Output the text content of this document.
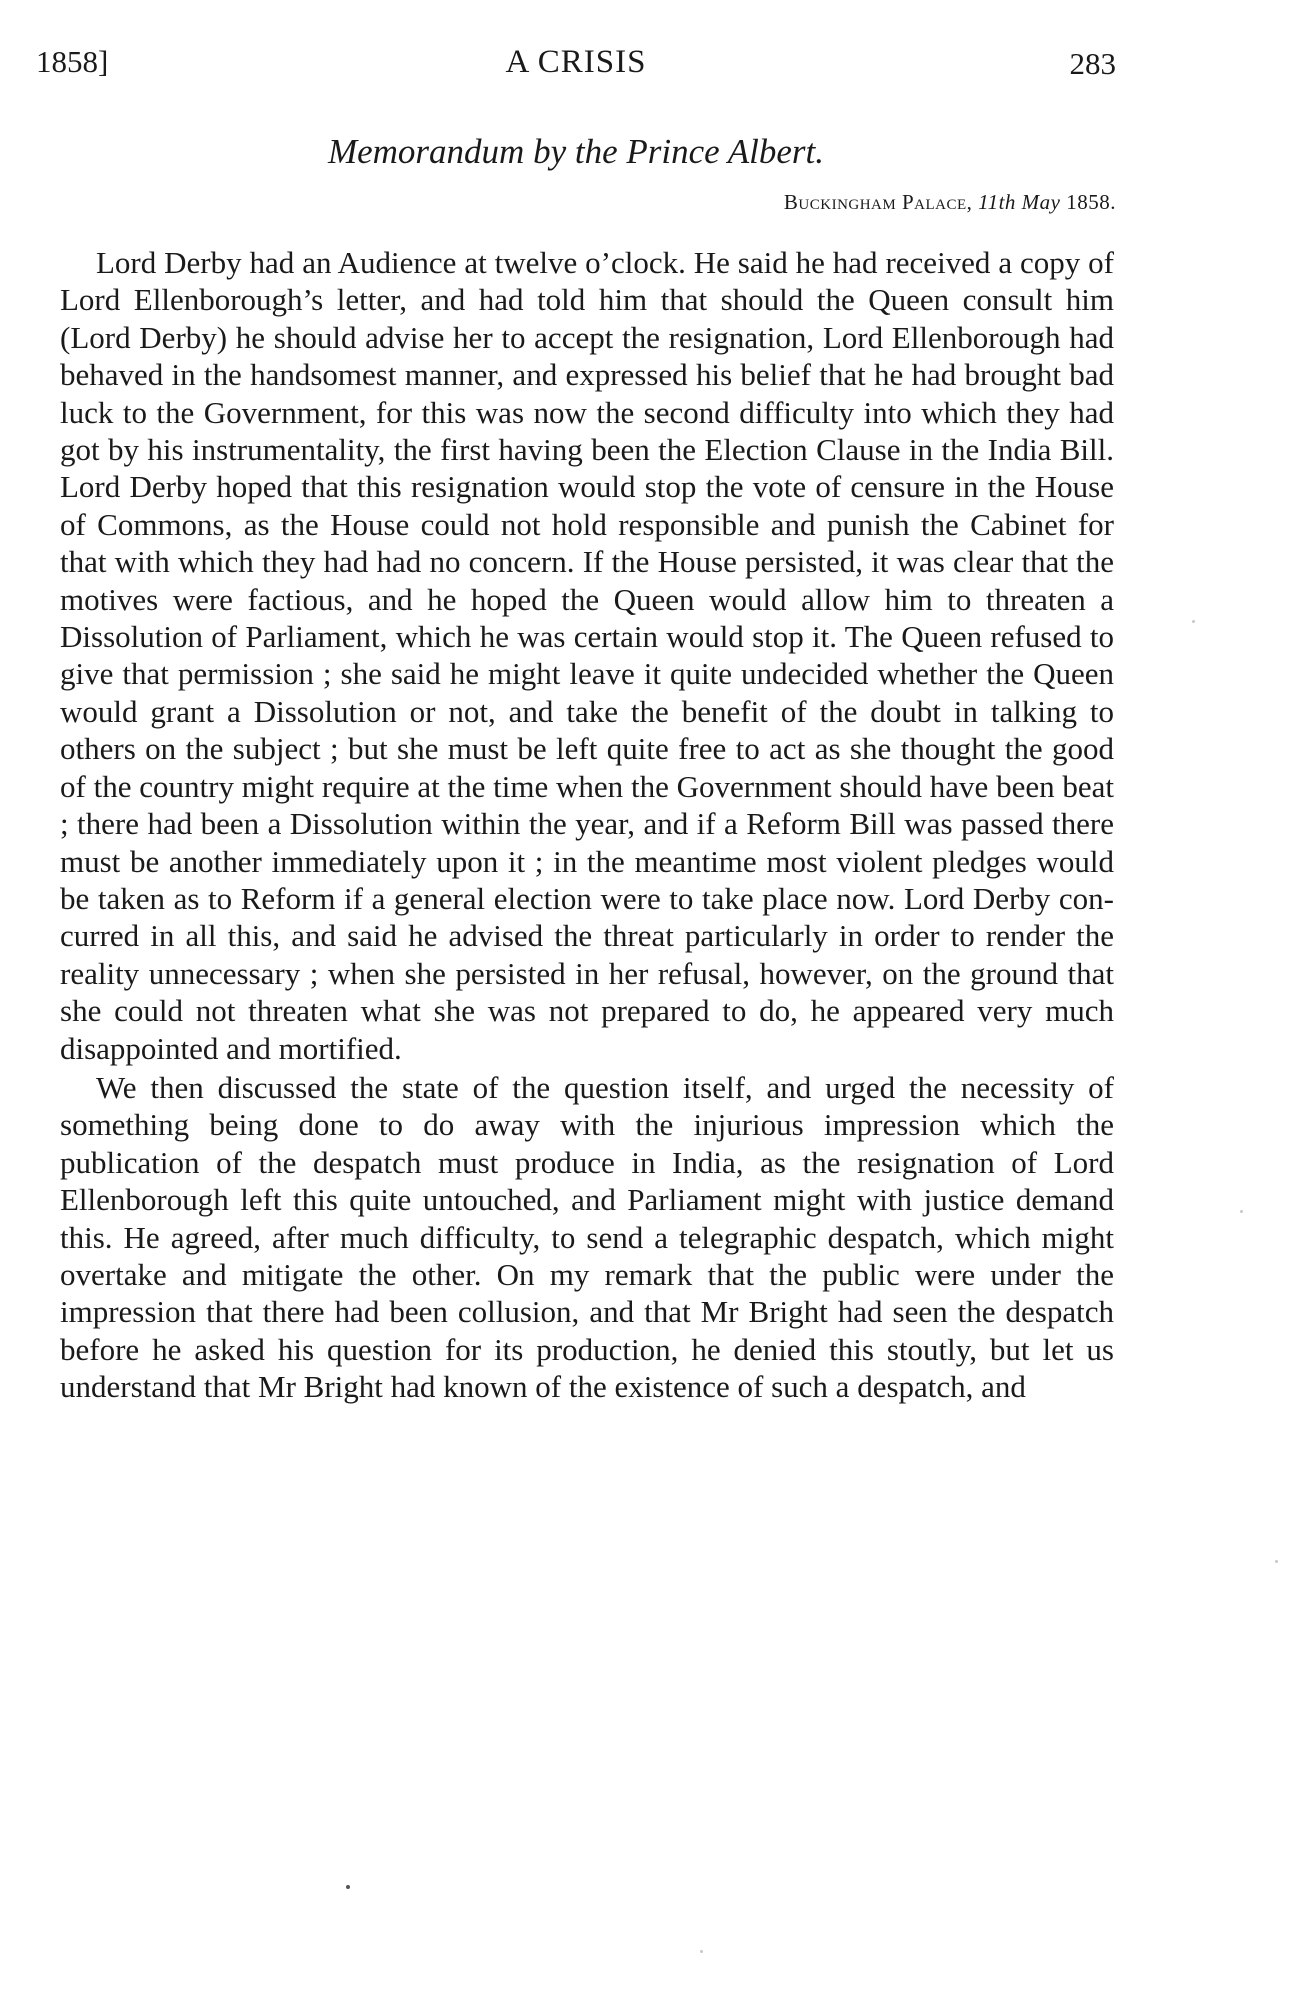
1858]	A CRISIS	283
Memorandum by the Prince Albert.
Buckingham Palace, 11th May 1858.

Lord Derby had an Audience at twelve o’clock. He said he had received a copy of Lord Ellenborough’s letter, and had told him that should the Queen consult him (Lord Derby) he should advise her to accept the resignation, Lord Ellenborough had behaved in the handsomest manner, and expressed his belief that he had brought bad luck to the Government, for this was now the second difficulty into which they had got by his instrumentality, the first having been the Election Clause in the India Bill. Lord Derby hoped that this resignation would stop the vote of censure in the House of Commons, as the House could not hold responsible and punish the Cabinet for that with which they had had no concern. If the House persisted, it was clear that the motives were factious, and he hoped the Queen would allow him to threaten a Dissolution of Parliament, which he was certain would stop it. The Queen refused to give that permission ; she said he might leave it quite undecided whether the Queen would grant a Dissolution or not, and take the benefit of the doubt in talking to others on the subject ; but she must be left quite free to act as she thought the good of the country might require at the time when the Government should have been beat ; there had been a Dissolution within the year, and if a Reform Bill was passed there must be another immediately upon it ; in the meantime most violent pledges would be taken as to Reform if a general election were to take place now. Lord Derby concurred in all this, and said he advised the threat particularly in order to render the reality unnecessary ; when she persisted in her refusal, however, on the ground that she could not threaten what she was not prepared to do, he appeared very much disappointed and mortified.

We then discussed the state of the question itself, and urged the necessity of something being done to do away with the injurious impression which the publication of the despatch must produce in India, as the resignation of Lord Ellenborough left this quite untouched, and Parliament might with justice demand this. He agreed, after much difficulty, to send a telegraphic despatch, which might overtake and mitigate the other. On my remark that the public were under the impression that there had been collusion, and that Mr Bright had seen the despatch before he asked his question for its production, he denied this stoutly, but let us understand that Mr Bright had known of the existence of such a despatch, and
